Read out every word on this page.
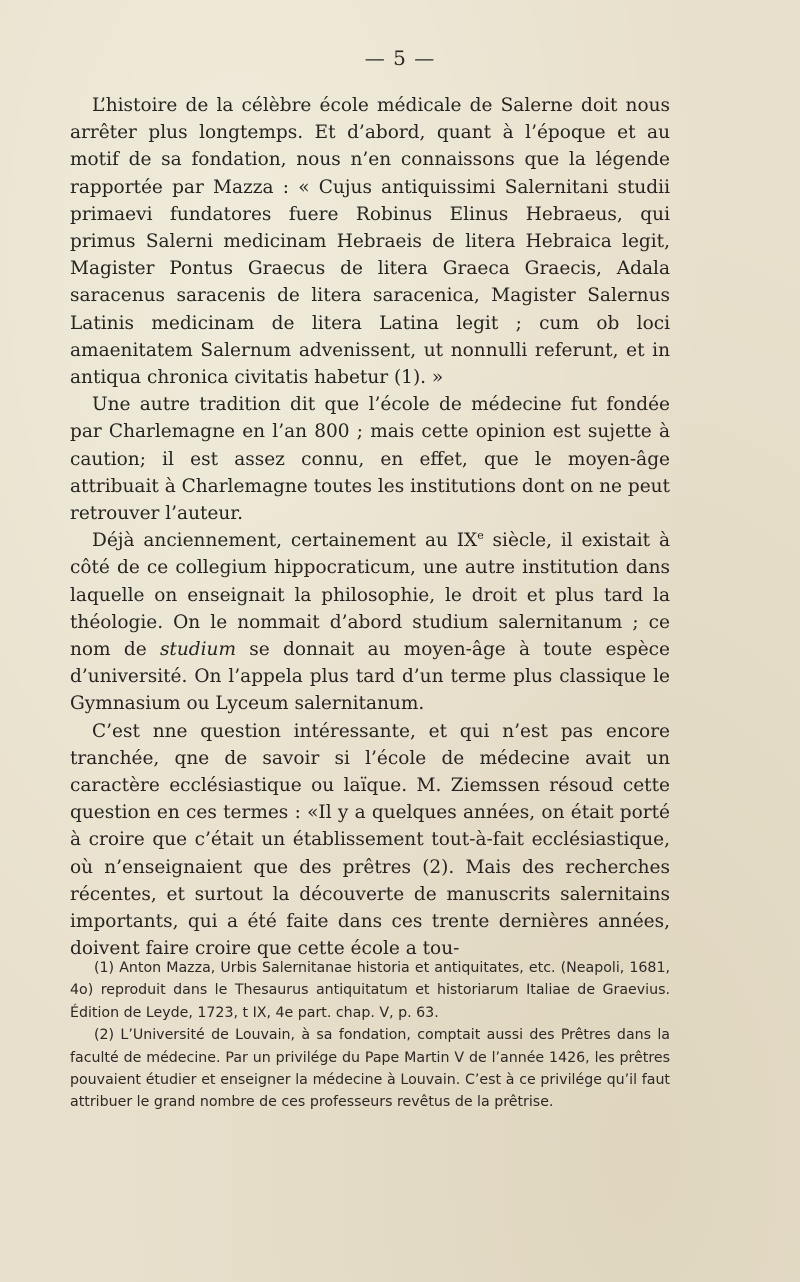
— 5 —

L’histoire de la célèbre école médicale de Salerne doit nous arrêter plus longtemps. Et d’abord, quant à l’époque et au motif de sa fondation, nous n’en connaissons que la légende rapportée par Mazza : « Cujus antiquissimi Salernitani studii primaevi fundatores fuere Robinus Elinus Hebraeus, qui primus Salerni medicinam Hebraeis de litera Hebraica legit, Magister Pontus Graecus de litera Graeca Graecis, Adala saracenus saracenis de litera saracenica, Magister Salernus Latinis medicinam de litera Latina legit ; cum ob loci amaenitatem Salernum advenissent, ut nonnulli referunt, et in antiqua chronica civitatis habetur (1). »

Une autre tradition dit que l’école de médecine fut fondée par Charlemagne en l’an 800 ; mais cette opinion est sujette à caution; il est assez connu, en effet, que le moyen-âge attribuait à Charlemagne toutes les institutions dont on ne peut retrouver l’auteur.

Déjà anciennement, certainement au IXe siècle, il existait à côté de ce collegium hippocraticum, une autre institution dans laquelle on enseignait la philosophie, le droit et plus tard la théologie. On le nommait d’abord studium salernitanum ; ce nom de studium se donnait au moyen-âge à toute espèce d’université. On l’appela plus tard d’un terme plus classique le Gymnasium ou Lyceum salernitanum.

C’est nne question intéressante, et qui n’est pas encore tranchée, qne de savoir si l’école de médecine avait un caractère ecclésiastique ou laïque. M. Ziemssen résoud cette question en ces termes : «Il y a quelques années, on était porté à croire que c’était un établissement tout-à-fait ecclésiastique, où n’enseignaient que des prêtres (2). Mais des recherches récentes, et surtout la découverte de manuscrits salernitains importants, qui a été faite dans ces trente dernières années, doivent faire croire que cette école a tou-

(1) Anton Mazza, Urbis Salernitanae historia et antiquitates, etc. (Neapoli, 1681, 4o) reproduit dans le Thesaurus antiquitatum et historiarum Italiae de Graevius. Édition de Leyde, 1723, t IX, 4e part. chap. V, p. 63.

(2) L’Université de Louvain, à sa fondation, comptait aussi des Prêtres dans la faculté de médecine. Par un privilége du Pape Martin V de l’année 1426, les prêtres pouvaient étudier et enseigner la médecine à Louvain. C’est à ce privilége qu’il faut attribuer le grand nombre de ces professeurs revêtus de la prêtrise.
